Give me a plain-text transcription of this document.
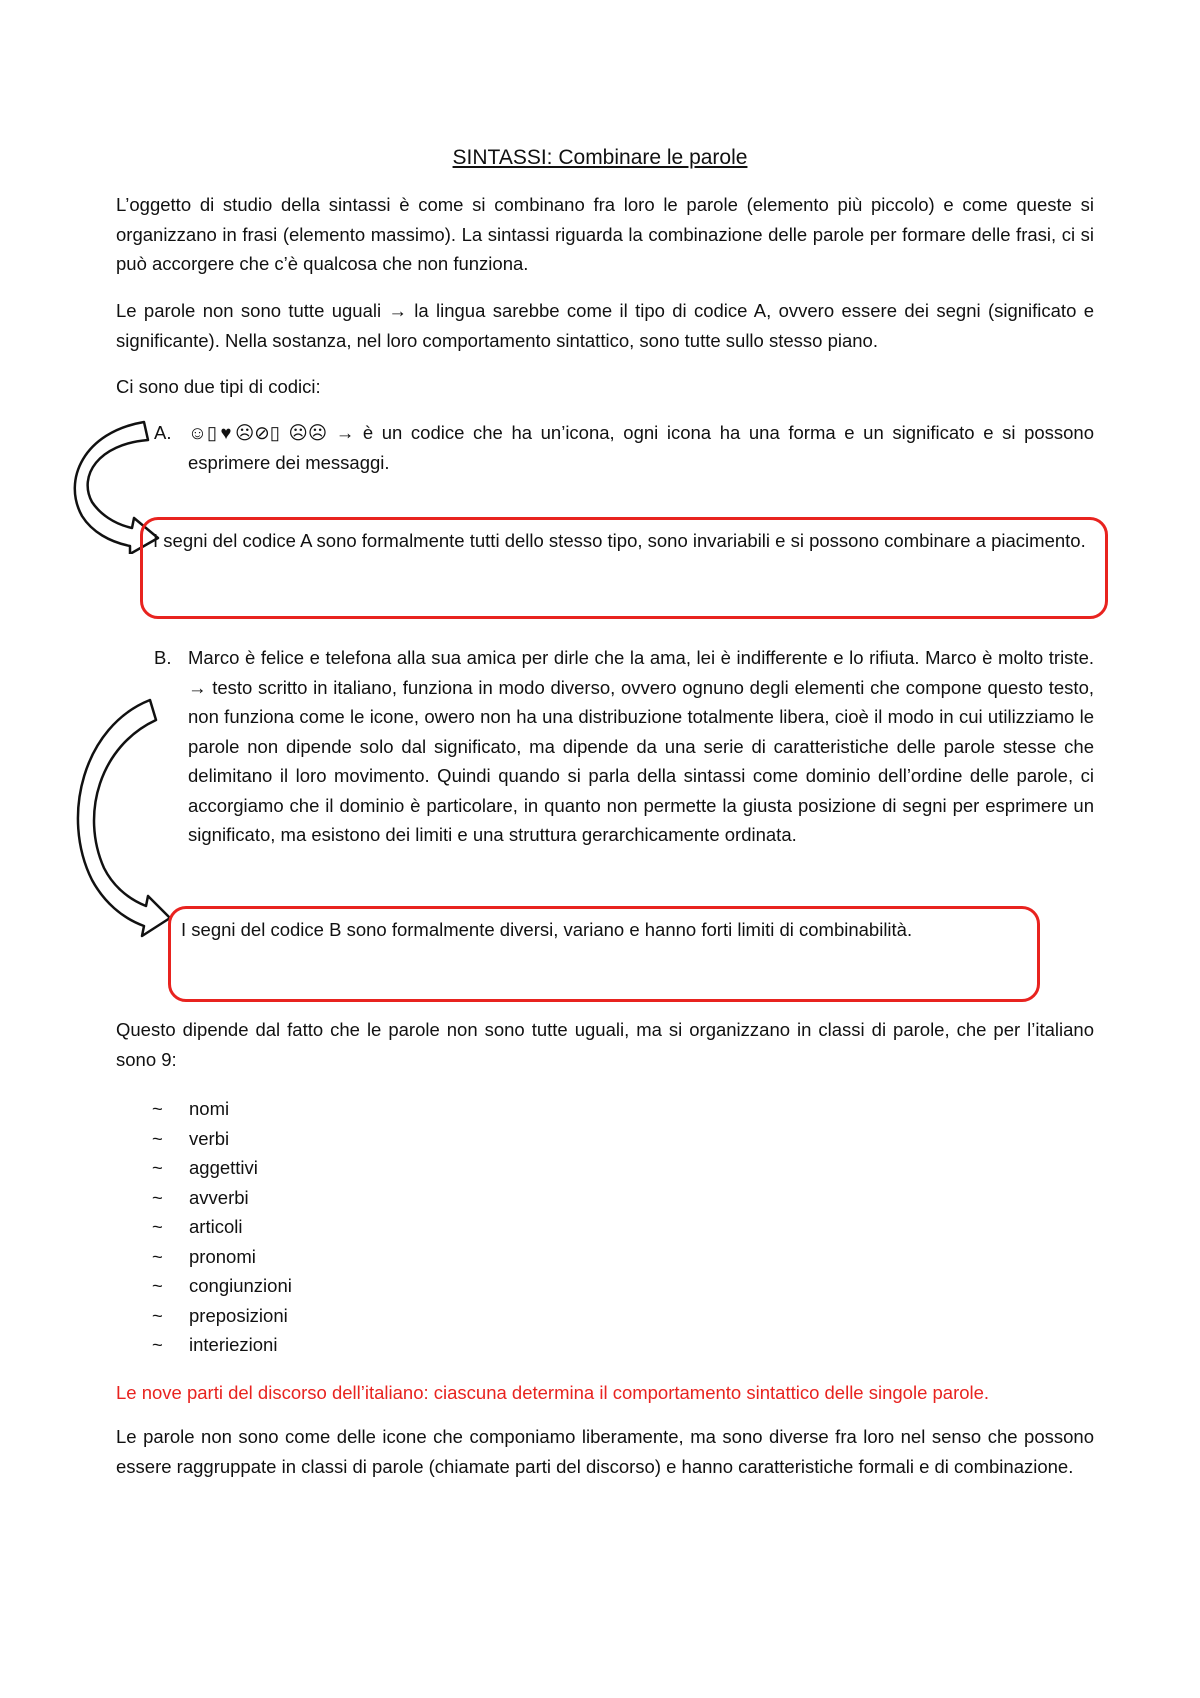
SINTASSI: Combinare le parole
L’oggetto di studio della sintassi è come si combinano fra loro le parole (elemento più piccolo) e come queste si organizzano in frasi (elemento massimo). La sintassi riguarda la combinazione delle parole per formare delle frasi, ci si può accorgere che c’è qualcosa che non funziona.
Le parole non sono tutte uguali → la lingua sarebbe come il tipo di codice A, ovvero essere dei segni (significato e significante). Nella sostanza, nel loro comportamento sintattico, sono tutte sullo stesso piano.
Ci sono due tipi di codici:
A. ☺▯♥☹⊘▯ ☹☹ → è un codice che ha un’icona, ogni icona ha una forma e un significato e si possono esprimere dei messaggi.
I segni del codice A sono formalmente tutti dello stesso tipo, sono invariabili e si possono combinare a piacimento.
B. Marco è felice e telefona alla sua amica per dirle che la ama, lei è indifferente e lo rifiuta. Marco è molto triste. → testo scritto in italiano, funziona in modo diverso, ovvero ognuno degli elementi che compone questo testo, non funziona come le icone, owero non ha una distribuzione totalmente libera, cioè il modo in cui utilizziamo le parole non dipende solo dal significato, ma dipende da una serie di caratteristiche delle parole stesse che delimitano il loro movimento. Quindi quando si parla della sintassi come dominio dell’ordine delle parole, ci accorgiamo che il dominio è particolare, in quanto non permette la giusta posizione di segni per esprimere un significato, ma esistono dei limiti e una struttura gerarchicamente ordinata.
I segni del codice B sono formalmente diversi, variano e hanno forti limiti di combinabilità.
Questo dipende dal fatto che le parole non sono tutte uguali, ma si organizzano in classi di parole, che per l’italiano sono 9:
~ nomi
~ verbi
~ aggettivi
~ avverbi
~ articoli
~ pronomi
~ congiunzioni
~ preposizioni
~ interiezioni
Le nove parti del discorso dell’italiano: ciascuna determina il comportamento sintattico delle singole parole.
Le parole non sono come delle icone che componiamo liberamente, ma sono diverse fra loro nel senso che possono essere raggruppate in classi di parole (chiamate parti del discorso) e hanno caratteristiche formali e di combinazione.
